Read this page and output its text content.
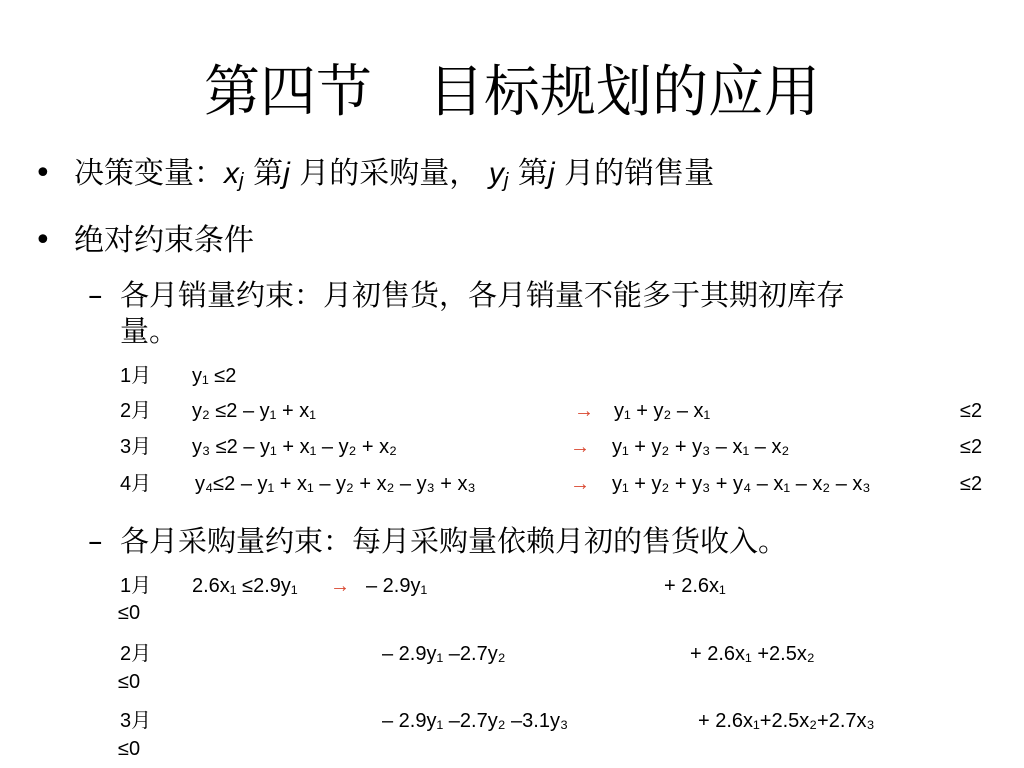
第四节　目标规划的应用
• 决策变量：$x_j$ 第j 月的采购量， $y_j$ 第j 月的销售量
• 绝对约束条件
– 各月销量约束：月初售货，各月销量不能多于其期初库存
量。
1月 y₁ ≤2
2月 y₂ ≤2 – y₁ + x₁	→ y₁ + y₂ – x₁	≤2
3月 y₃ ≤2 – y₁ + x₁ – y₂ + x₂	→ y₁ + y₂ + y₃ – x₁ – x₂	≤2
4月 y₄≤2 – y₁ + x₁ – y₂ + x₂ – y₃ + x₃	→ y₁ + y₂ + y₃ + y₄ – x₁ – x₂ – x₃	≤2
– 各月采购量约束：每月采购量依赖月初的售货收入。
1月 2.6x₁ ≤2.9y₁ → – 2.9y₁	+ 2.6x₁
≤0
2月	– 2.9y₁ –2.7y₂	+ 2.6x₁ +2.5x₂
≤0
3月	– 2.9y₁ –2.7y₂ –3.1y₃	+ 2.6x₁+2.5x₂+2.7x₃
≤0
